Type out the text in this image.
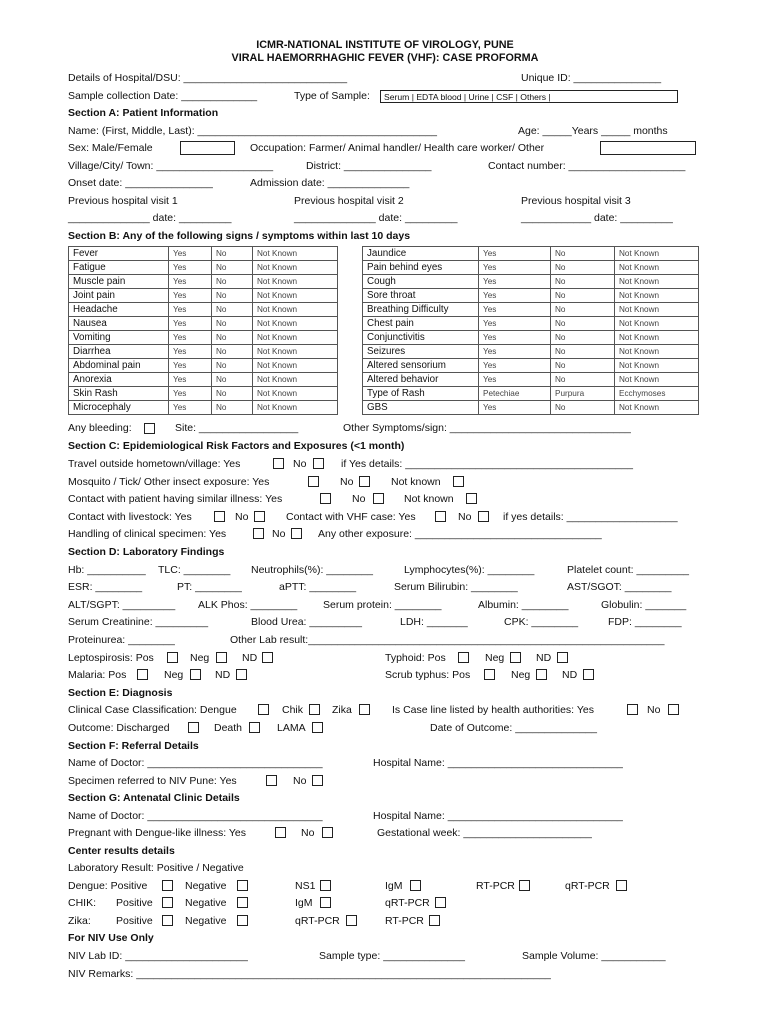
ICMR-NATIONAL INSTITUTE OF VIROLOGY, PUNE
VIRAL HAEMORRHAGHIC FEVER (VHF): CASE PROFORMA
Details of Hospital/DSU: ____________________________	Unique ID: _______________
Sample collection Date: _____________	Type of Sample:	Serum | EDTA blood | Urine | CSF | Others |
Section A: Patient Information
Name: (First, Middle, Last): _________________________________________	Age: _____Years _____ months
Sex: Male/Female	Occupation: Farmer/ Animal handler/ Health care worker/ Other
Village/City/ Town: ____________________	District: _______________	Contact number: ____________________
Onset date: _______________	Admission date: ______________
Previous hospital visit 1	Previous hospital visit 2	Previous hospital visit 3
______________ date: _________	______________ date: _________	____________ date: _________
Section B: Any of the following signs / symptoms within last 10 days
Fever	Yes	No	Not Known
Fatigue	Yes	No	Not Known
Muscle pain	Yes	No	Not Known
Joint pain	Yes	No	Not Known
Headache	Yes	No	Not Known
Nausea	Yes	No	Not Known
Vomiting	Yes	No	Not Known
Diarrhea	Yes	No	Not Known
Abdominal pain	Yes	No	Not Known
Anorexia	Yes	No	Not Known
Skin Rash	Yes	No	Not Known
Microcephaly	Yes	No	Not Known
Jaundice	Yes	No	Not Known
Pain behind eyes	Yes	No	Not Known
Cough	Yes	No	Not Known
Sore throat	Yes	No	Not Known
Breathing Difficulty	Yes	No	Not Known
Chest pain	Yes	No	Not Known
Conjunctivitis	Yes	No	Not Known
Seizures	Yes	No	Not Known
Altered sensorium	Yes	No	Not Known
Altered behavior	Yes	No	Not Known
Type of Rash	Petechiae	Purpura	Ecchymoses
GBS	Yes	No	Not Known
Any bleeding:	Site: _________________	Other Symptoms/sign: _______________________________
Section C: Epidemiological Risk Factors and Exposures (<1 month)
Travel outside hometown/village: Yes	No	if Yes details: _______________________________________
Mosquito / Tick/ Other insect exposure: Yes	No	Not known
Contact with patient having similar illness: Yes	No	Not known
Contact with livestock: Yes	No	Contact with VHF case: Yes	No	if yes details: ___________________
Handling of clinical specimen: Yes	No	Any other exposure: ________________________________
Section D: Laboratory Findings
Hb: __________ TLC: ________ Neutrophils(%): ________	Lymphocytes(%): ________	Platelet count: _________
ESR: ________	PT: ________	aPTT: ________	Serum Bilirubin: ________	AST/SGOT: ________
ALT/SGPT: _________ ALK Phos: ________ Serum protein: ________	Albumin: ________	Globulin: _______
Serum Creatinine: _________	Blood Urea: _________	LDH: _______	CPK: ________	FDP: ________
Proteinurea: ________	Other Lab result:_____________________________________________________________
Leptospirosis: Pos	Neg	ND	Typhoid: Pos	Neg	ND
Malaria: Pos	Neg	ND	Scrub typhus: Pos	Neg	ND
Section E: Diagnosis
Clinical Case Classification: Dengue	Chik	Zika	Is Case line listed by health authorities: Yes	No
Outcome: Discharged	Death	LAMA	Date of Outcome: ______________
Section F: Referral Details
Name of Doctor: ______________________________	Hospital Name: ______________________________
Specimen referred to NIV Pune: Yes	No
Section G: Antenatal Clinic Details
Name of Doctor: ______________________________	Hospital Name: ______________________________
Pregnant with Dengue-like illness: Yes	No	Gestational week: ______________________
Center results details
Laboratory Result: Positive / Negative
Dengue: Positive	Negative	NS1	IgM	RT-PCR	qRT-PCR
CHIK: Positive	Negative	IgM	qRT-PCR
Zika: Positive	Negative	qRT-PCR	RT-PCR
For NIV Use Only
NIV Lab ID: _____________________	Sample type: ______________	Sample Volume: ___________
NIV Remarks: _______________________________________________________________________
